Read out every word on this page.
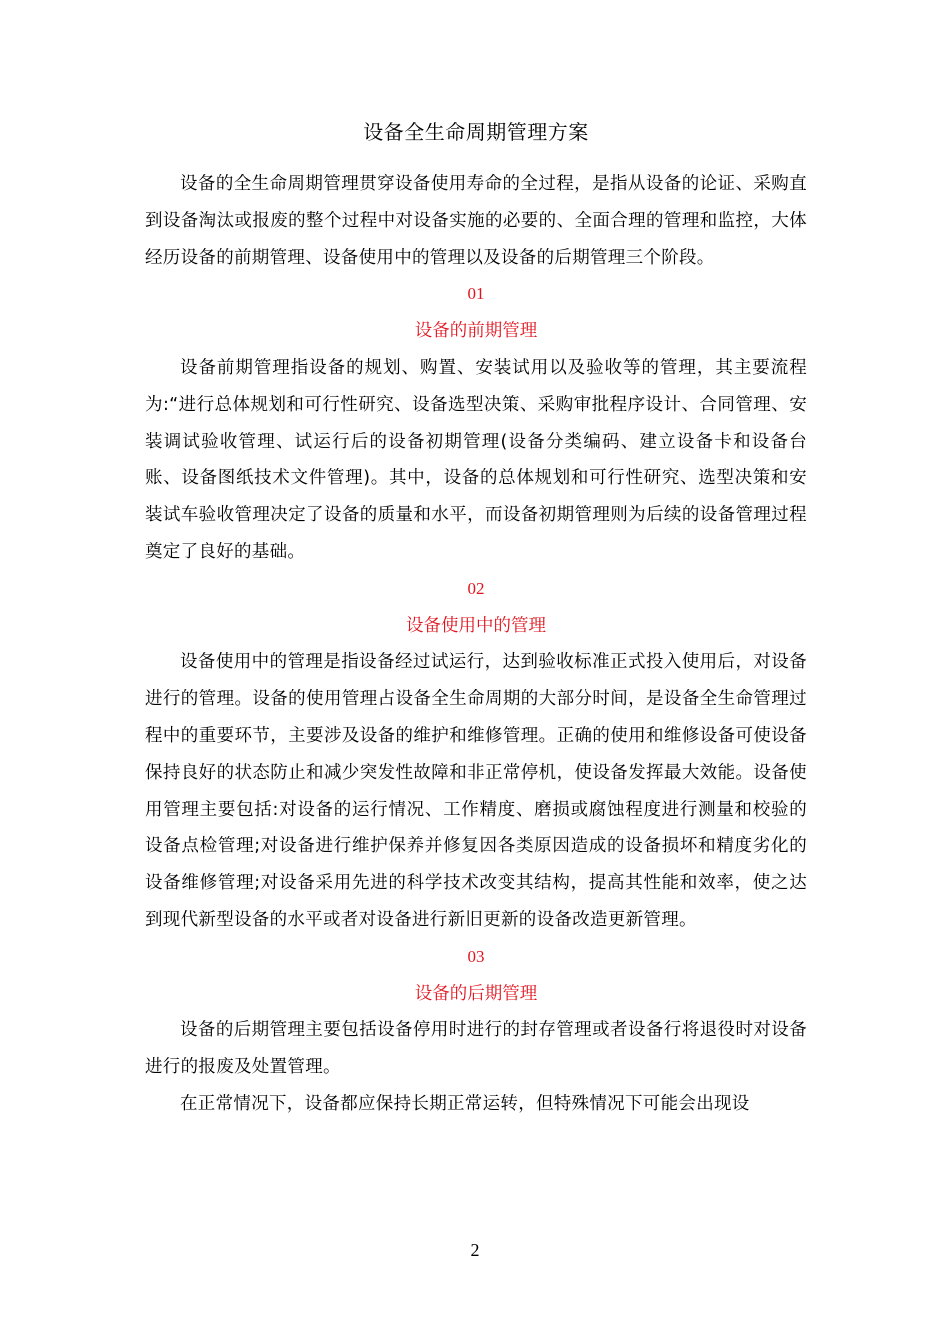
设备全生命周期管理方案

设备的全生命周期管理贯穿设备使用寿命的全过程，是指从设备的论证、采购直到设备淘汰或报废的整个过程中对设备实施的必要的、全面合理的管理和监控，大体经历设备的前期管理、设备使用中的管理以及设备的后期管理三个阶段。

01

设备的前期管理

设备前期管理指设备的规划、购置、安装试用以及验收等的管理，其主要流程为:“进行总体规划和可行性研究、设备选型决策、采购审批程序设计、合同管理、安装调试验收管理、试运行后的设备初期管理(设备分类编码、建立设备卡和设备台账、设备图纸技术文件管理)。其中，设备的总体规划和可行性研究、选型决策和安装试车验收管理决定了设备的质量和水平，而设备初期管理则为后续的设备管理过程奠定了良好的基础。

02

设备使用中的管理

设备使用中的管理是指设备经过试运行，达到验收标准正式投入使用后，对设备进行的管理。设备的使用管理占设备全生命周期的大部分时间，是设备全生命管理过程中的重要环节，主要涉及设备的维护和维修管理。正确的使用和维修设备可使设备保持良好的状态防止和减少突发性故障和非正常停机，使设备发挥最大效能。设备使用管理主要包括:对设备的运行情况、工作精度、磨损或腐蚀程度进行测量和校验的设备点检管理;对设备进行维护保养并修复因各类原因造成的设备损坏和精度劣化的设备维修管理;对设备采用先进的科学技术改变其结构，提高其性能和效率，使之达到现代新型设备的水平或者对设备进行新旧更新的设备改造更新管理。

03

设备的后期管理

设备的后期管理主要包括设备停用时进行的封存管理或者设备行将退役时对设备进行的报废及处置管理。

在正常情况下，设备都应保持长期正常运转，但特殊情况下可能会出现设

2
